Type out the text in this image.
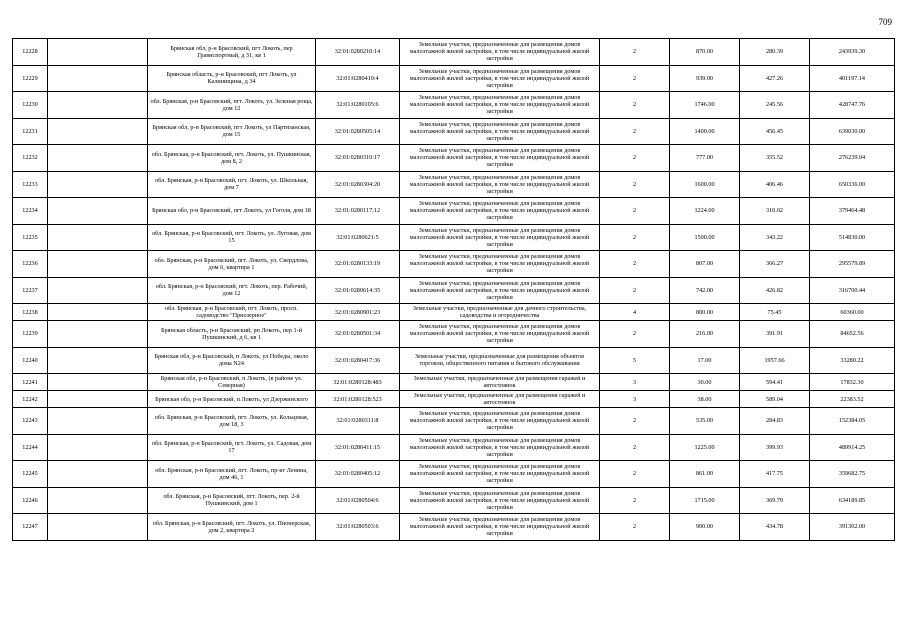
709
12228		Брянская обл, р-н Брасовский, пгт Локоть, пер Грависпортный, д 31, кв 1	32:01:0280210:14	Земельные участки, предназначенные для размещения домов малоэтажной жилой застройки, в том числе индивидуальной жилой застройки	2	870.00	280.39	243939.30
12229		Брянская область, р-н Брасовский, пгт Локоть, ул Калинищина, д 34	32:01:0280419:4	Земельные участки, предназначенные для размещения домов малоэтажной жилой застройки, в том числе индивидуальной жилой застройки	2	939.00	427.26	401197.14
12230		обл. Брянская, р-н Брасовский, пгт. Локоть, ул. Зеленая роща, дом 12	32:01:0280105:6	Земельные участки, предназначенные для размещения домов малоэтажной жилой застройки, в том числе индивидуальной жилой застройки	2	1746.00	245.56	428747.76
12231		Брянская обл, р-н Брасовский, пгт Локоть, ул Партизанская, дом 15	32:01:0280505:14	Земельные участки, предназначенные для размещения домов малоэтажной жилой застройки, в том числе индивидуальной жилой застройки	2	1400.00	456.45	639030.00
12232		обл. Брянская, р-н Брасовский, пгт. Локоть, ул. Пушкинская, дом 8, 2	32:01:0280310:17	Земельные участки, предназначенные для размещения домов малоэтажной жилой застройки, в том числе индивидуальной жилой застройки	2	777.00	355.52	276239.04
12233		обл. Брянская, р-н Брасовский, пгт. Локоть, ул. Школьная, дом 7	32:01:0280304:20	Земельные участки, предназначенные для размещения домов малоэтажной жилой застройки, в том числе индивидуальной жилой застройки	2	1600.00	406.46	650336.00
12234		Брянская обл, р-н Брасовский, пгт Локоть, ул Гоголя, дом 18	32:01:0280117:12	Земельные участки, предназначенные для размещения домов малоэтажной жилой застройки, в том числе индивидуальной жилой застройки	2	1224.00	310.02	379464.48
12235		обл. Брянская, р-н Брасовский, пгт. Локоть, ул. Луговая, дом 15	32:01:0280621:5	Земельные участки, предназначенные для размещения домов малоэтажной жилой застройки, в том числе индивидуальной жилой застройки	2	1500.00	343.22	514830.00
12236		обл. Брянская, р-н Брасовский, пгт. Локоть, ул. Свердлова, дом 6, квартира 1	32:01:0280133:19	Земельные участки, предназначенные для размещения домов малоэтажной жилой застройки, в том числе индивидуальной жилой застройки	2	807.00	366.27	295579.89
12237		обл. Брянская, р-н Брасовский, пгт. Локоть, пер. Рабочий, дом 12	32:01:0280614:35	Земельные участки, предназначенные для размещения домов малоэтажной жилой застройки, в том числе индивидуальной жилой застройки	2	742.00	426.82	316700.44
12238		обл. Брянская, р-н Брасовский, пгт. Локоть, просп. садоводство "Приозерное"	32:01:0280901:23	Земельные участки, предназначенные для дачного строительства, садоводства и огородничества	4	800.00	75.45	60360.00
12239		Брянская область, р-н Брасовский, рп Локоть, пер 1-й Пушкинский, д 6, кв 1	32:01:0280501:34	Земельные участки, предназначенные для размещения домов малоэтажной жилой застройки, в том числе индивидуальной жилой застройки	2	216.00	391.91	84652.56
12240		Брянская обл, р-н Брасовский, п Локоть, ул Победы, около дома N24	32:01:0280417:36	Земельные участки, предназначенные для размещения объектов торговли, общественного питания и бытового обслуживания	5	17.00	1957.66	33280.22
12241		Брянская обл, р-н Брасовский, п Локоть, (в районе ул. Северная)	32:01:0280128:483	Земельные участки, предназначенные для размещения гаражей и автостоянок	3	30.00	594.41	17832.30
12242		Брянская обл, р-н Брасовский, п Локоть, ул Дзержинского	32:01:0280128:523	Земельные участки, предназначенные для размещения гаражей и автостоянок	3	38.00	589.04	22383.52
12243		обл. Брянская, р-н Брасовский, пгт. Локоть, ул. Кольцевая, дом 18, 3	32:01:0280311:8	Земельные участки, предназначенные для размещения домов малоэтажной жилой застройки, в том числе индивидуальной жилой застройки	2	535.00	284.83	152384.05
12244		обл. Брянская, р-н Брасовский, пгт. Локоть, ул. Садовая, дом 17	32:01:0280411:15	Земельные участки, предназначенные для размещения домов малоэтажной жилой застройки, в том числе индивидуальной жилой застройки	2	1225.00	399.93	489914.25
12245		обл. Брянская, р-н Брасовский, пгт. Локоть, пр-кт Ленина, дом 46, 1	32:01:0280405:12	Земельные участки, предназначенные для размещения домов малоэтажной жилой застройки, в том числе индивидуальной жилой застройки	2	861.00	417.75	359682.75
12246		обл. Брянская, р-н Брасовский, пгт. Локоть, пер. 2-й Пушкинский, дом 1	32:01:0280504:6	Земельные участки, предназначенные для размещения домов малоэтажной жилой застройки, в том числе индивидуальной жилой застройки	2	1715.00	369.79	634189.85
12247		обл. Брянская, р-н Брасовский, пгт. Локоть, ул. Пионерская, дом 2, квартира 2	32:01:0280503:6	Земельные участки, предназначенные для размещения домов малоэтажной жилой застройки, в том числе индивидуальной жилой застройки	2	900.00	434.78	391302.00
